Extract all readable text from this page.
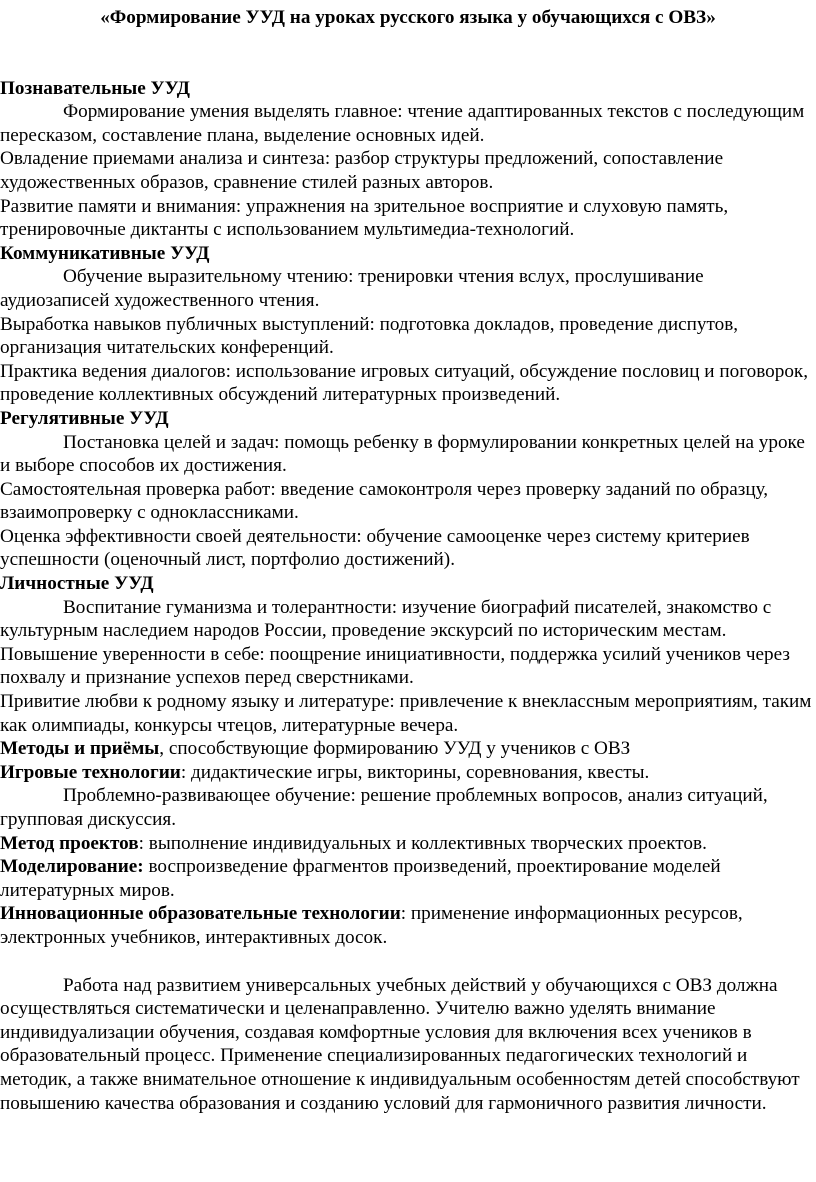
«Формирование УУД на уроках русского языка у обучающихся с ОВЗ»
Познавательные УУД

Формирование умения выделять главное: чтение адаптированных текстов с последующим пересказом, составление плана, выделение основных идей.

Овладение приемами анализа и синтеза: разбор структуры предложений, сопоставление художественных образов, сравнение стилей разных авторов.

Развитие памяти и внимания: упражнения на зрительное восприятие и слуховую память, тренировочные диктанты с использованием мультимедиа-технологий.

Коммуникативные УУД

Обучение выразительному чтению: тренировки чтения вслух, прослушивание аудиозаписей художественного чтения.

Выработка навыков публичных выступлений: подготовка докладов, проведение диспутов, организация читательских конференций.

Практика ведения диалогов: использование игровых ситуаций, обсуждение пословиц и поговорок, проведение коллективных обсуждений литературных произведений.

Регулятивные УУД

Постановка целей и задач: помощь ребенку в формулировании конкретных целей на уроке и выборе способов их достижения.

Самостоятельная проверка работ: введение самоконтроля через проверку заданий по образцу, взаимопроверку с одноклассниками.

Оценка эффективности своей деятельности: обучение самооценке через систему критериев успешности (оценочный лист, портфолио достижений).

Личностные УУД

Воспитание гуманизма и толерантности: изучение биографий писателей, знакомство с культурным наследием народов России, проведение экскурсий по историческим местам.

Повышение уверенности в себе: поощрение инициативности, поддержка усилий учеников через похвалу и признание успехов перед сверстниками.

Привитие любви к родному языку и литературе: привлечение к внеклассным мероприятиям, таким как олимпиады, конкурсы чтецов, литературные вечера.

Методы и приёмы, способствующие формированию УУД у учеников с ОВЗ

Игровые технологии: дидактические игры, викторины, соревнования, квесты.

Проблемно-развивающее обучение: решение проблемных вопросов, анализ ситуаций, групповая дискуссия.

Метод проектов: выполнение индивидуальных и коллективных творческих проектов.

Моделирование: воспроизведение фрагментов произведений, проектирование моделей литературных миров.

Инновационные образовательные технологии: применение информационных ресурсов, электронных учебников, интерактивных досок.

Работа над развитием универсальных учебных действий у обучающихся с ОВЗ должна осуществляться систематически и целенаправленно. Учителю важно уделять внимание индивидуализации обучения, создавая комфортные условия для включения всех учеников в образовательный процесс. Применение специализированных педагогических технологий и методик, а также внимательное отношение к индивидуальным особенностям детей способствуют повышению качества образования и созданию условий для гармоничного развития личности.
